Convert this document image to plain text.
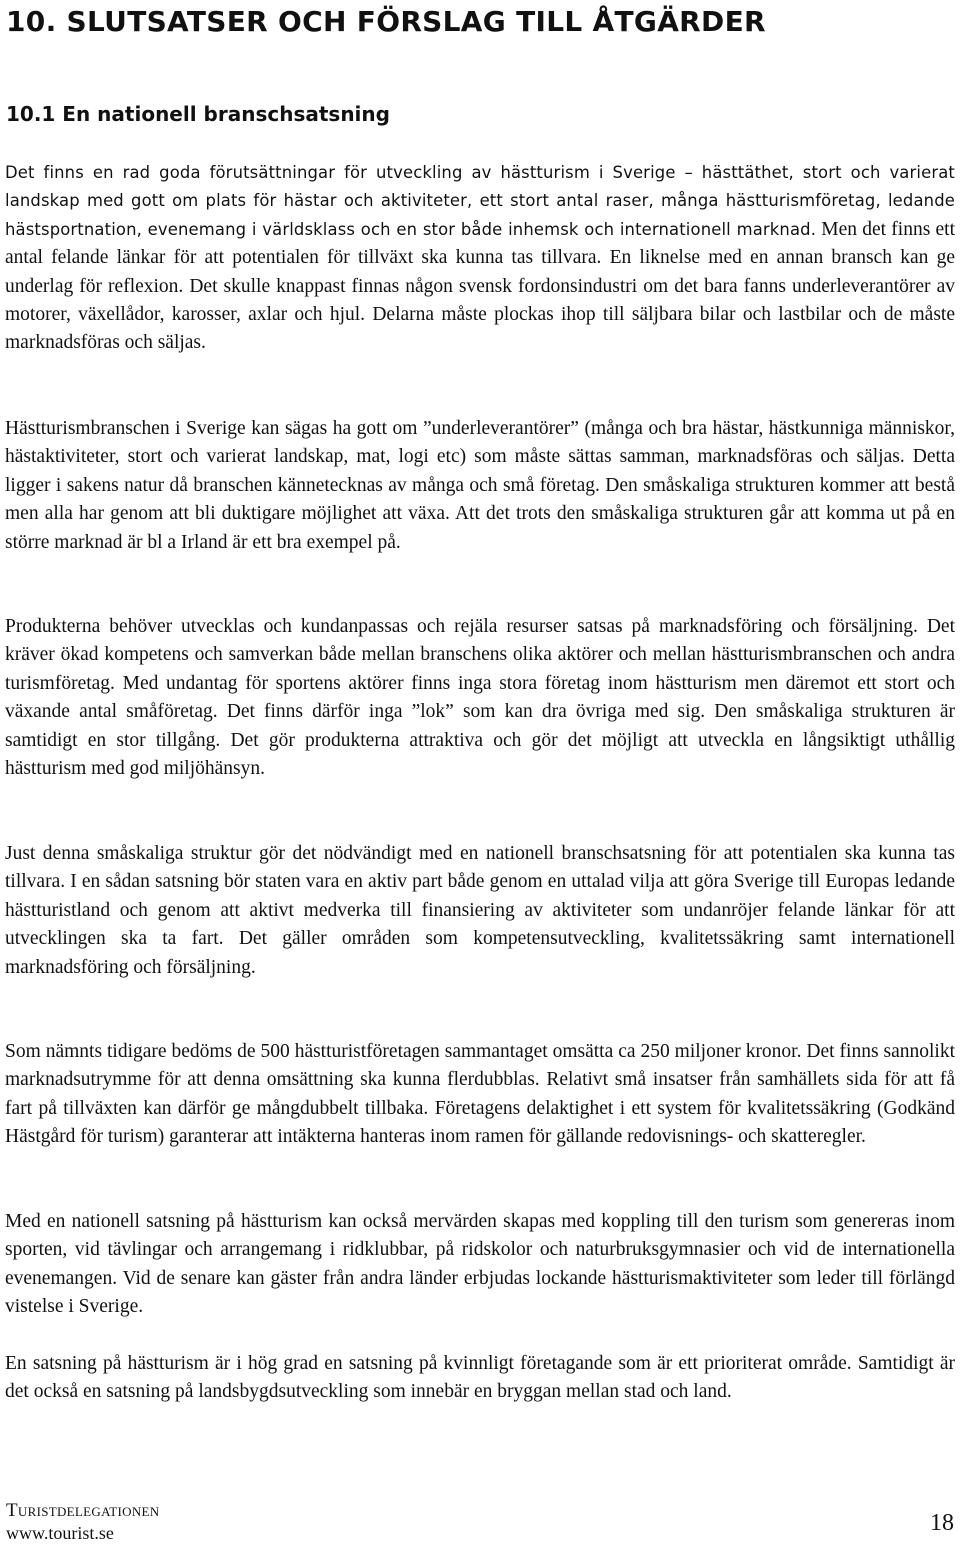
10. SLUTSATSER OCH FÖRSLAG TILL ÅTGÄRDER
10.1 En nationell branschsatsning

Det finns en rad goda förutsättningar för utveckling av hästturism i Sverige – hästtäthet, stort och varierat landskap med gott om plats för hästar och aktiviteter, ett stort antal raser, många hästturismföretag, ledande hästsportnation, evenemang i världsklass och en stor både inhemsk och internationell marknad. Men det finns ett antal felande länkar för att potentialen för tillväxt ska kunna tas tillvara. En liknelse med en annan bransch kan ge underlag för reflexion. Det skulle knappast finnas någon svensk fordonsindustri om det bara fanns underleverantörer av motorer, växellådor, karosser, axlar och hjul. Delarna måste plockas ihop till säljbara bilar och lastbilar och de måste marknadsföras och säljas.

Hästturismbranschen i Sverige kan sägas ha gott om ”underleverantörer” (många och bra hästar, hästkunniga människor, hästaktiviteter, stort och varierat landskap, mat, logi etc) som måste sättas samman, marknadsföras och säljas. Detta ligger i sakens natur då branschen kännetecknas av många och små företag. Den småskaliga strukturen kommer att bestå men alla har genom att bli duktigare möjlighet att växa. Att det trots den småskaliga strukturen går att komma ut på en större marknad är bl a Irland är ett bra exempel på.

Produkterna behöver utvecklas och kundanpassas och rejäla resurser satsas på marknadsföring och försäljning. Det kräver ökad kompetens och samverkan både mellan branschens olika aktörer och mellan hästturismbranschen och andra turismföretag. Med undantag för sportens aktörer finns inga stora företag inom hästturism men däremot ett stort och växande antal småföretag. Det finns därför inga ”lok” som kan dra övriga med sig. Den småskaliga strukturen är samtidigt en stor tillgång. Det gör produkterna attraktiva och gör det möjligt att utveckla en långsiktigt uthållig hästturism med god miljöhänsyn.

Just denna småskaliga struktur gör det nödvändigt med en nationell branschsatsning för att potentialen ska kunna tas tillvara. I en sådan satsning bör staten vara en aktiv part både genom en uttalad vilja att göra Sverige till Europas ledande hästturistland och genom att aktivt medverka till finansiering av aktiviteter som undanröjer felande länkar för att utvecklingen ska ta fart. Det gäller områden som kompetensutveckling, kvalitetssäkring samt internationell marknadsföring och försäljning.

Som nämnts tidigare bedöms de 500 hästturistföretagen sammantaget omsätta ca 250 miljoner kronor. Det finns sannolikt marknadsutrymme för att denna omsättning ska kunna flerdubblas. Relativt små insatser från samhällets sida för att få fart på tillväxten kan därför ge mångdubbelt tillbaka. Företagens delaktighet i ett system för kvalitetssäkring (Godkänd Hästgård för turism) garanterar att intäkterna hanteras inom ramen för gällande redovisnings- och skatteregler.

Med en nationell satsning på hästturism kan också mervärden skapas med koppling till den turism som genereras inom sporten, vid tävlingar och arrangemang i ridklubbar, på ridskolor och naturbruksgymnasier och vid de internationella evenemangen. Vid de senare kan gäster från andra länder erbjudas lockande hästturismaktiviteter som leder till förlängd vistelse i Sverige.

En satsning på hästturism är i hög grad en satsning på kvinnligt företagande som är ett prioriterat område. Samtidigt är det också en satsning på landsbygdsutveckling som innebär en bryggan mellan stad och land.

Turistdelegationen
www.tourist.se	18
